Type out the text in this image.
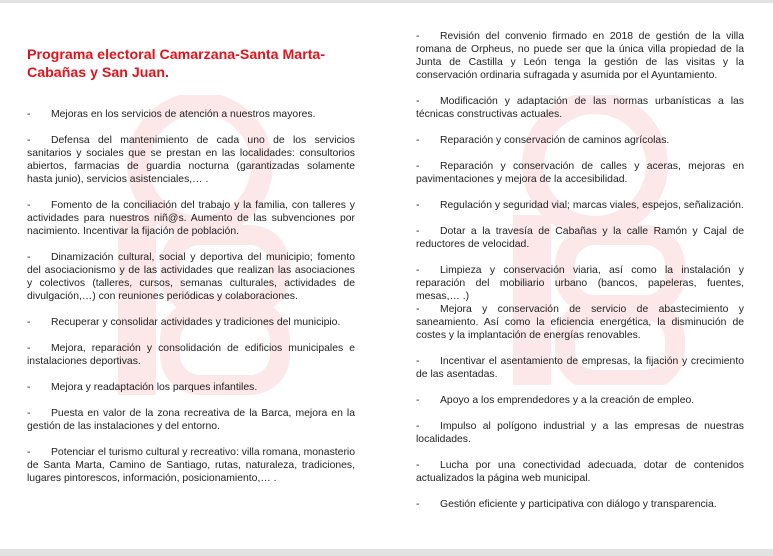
Programa electoral Camarzana-Santa Marta-Cabañas y San Juan.

- Mejoras en los servicios de atención a nuestros mayores.

- Defensa del mantenimiento de cada uno de los servicios sanitarios y sociales que se prestan en las localidades: consultorios abiertos, farmacias de guardia nocturna (garantizadas solamente hasta junio), servicios asistenciales,… .

- Fomento de la conciliación del trabajo y la familia, con talleres y actividades para nuestros niñ@s. Aumento de las subvenciones por nacimiento. Incentivar la fijación de población.

- Dinamización cultural, social y deportiva del municipio; fomento del asociacionismo y de las actividades que realizan las asociaciones y colectivos (talleres, cursos, semanas culturales, actividades de divulgación,…) con reuniones periódicas y colaboraciones.

- Recuperar y consolidar actividades y tradiciones del municipio.

- Mejora, reparación y consolidación de edificios municipales e instalaciones deportivas.

- Mejora y readaptación los parques infantiles.

- Puesta en valor de la zona recreativa de la Barca, mejora en la gestión de las instalaciones y del entorno.

- Potenciar el turismo cultural y recreativo: villa romana, monasterio de Santa Marta, Camino de Santiago, rutas, naturaleza, tradiciones, lugares pintorescos, información, posicionamiento,… .

- Revisión del convenio firmado en 2018 de gestión de la villa romana de Orpheus, no puede ser que la única villa propiedad de la Junta de Castilla y León tenga la gestión de las visitas y la conservación ordinaria sufragada y asumida por el Ayuntamiento.

- Modificación y adaptación de las normas urbanísticas a las técnicas constructivas actuales.

- Reparación y conservación de caminos agrícolas.

- Reparación y conservación de calles y aceras, mejoras en pavimentaciones y mejora de la accesibilidad.

- Regulación y seguridad vial; marcas viales, espejos, señalización.

- Dotar a la travesía de Cabañas y la calle Ramón y Cajal de reductores de velocidad.

- Limpieza y conservación viaria, así como la instalación y reparación del mobiliario urbano (bancos, papeleras, fuentes, mesas,… .)

- Mejora y conservación de servicio de abastecimiento y saneamiento. Así como la eficiencia energética, la disminución de costes y la implantación de energías renovables.

- Incentivar el asentamiento de empresas, la fijación y crecimiento de las asentadas.

- Apoyo a los emprendedores y a la creación de empleo.

- Impulso al polígono industrial y a las empresas de nuestras localidades.

- Lucha por una conectividad adecuada, dotar de contenidos actualizados la página web municipal.

- Gestión eficiente y participativa con diálogo y transparencia.
